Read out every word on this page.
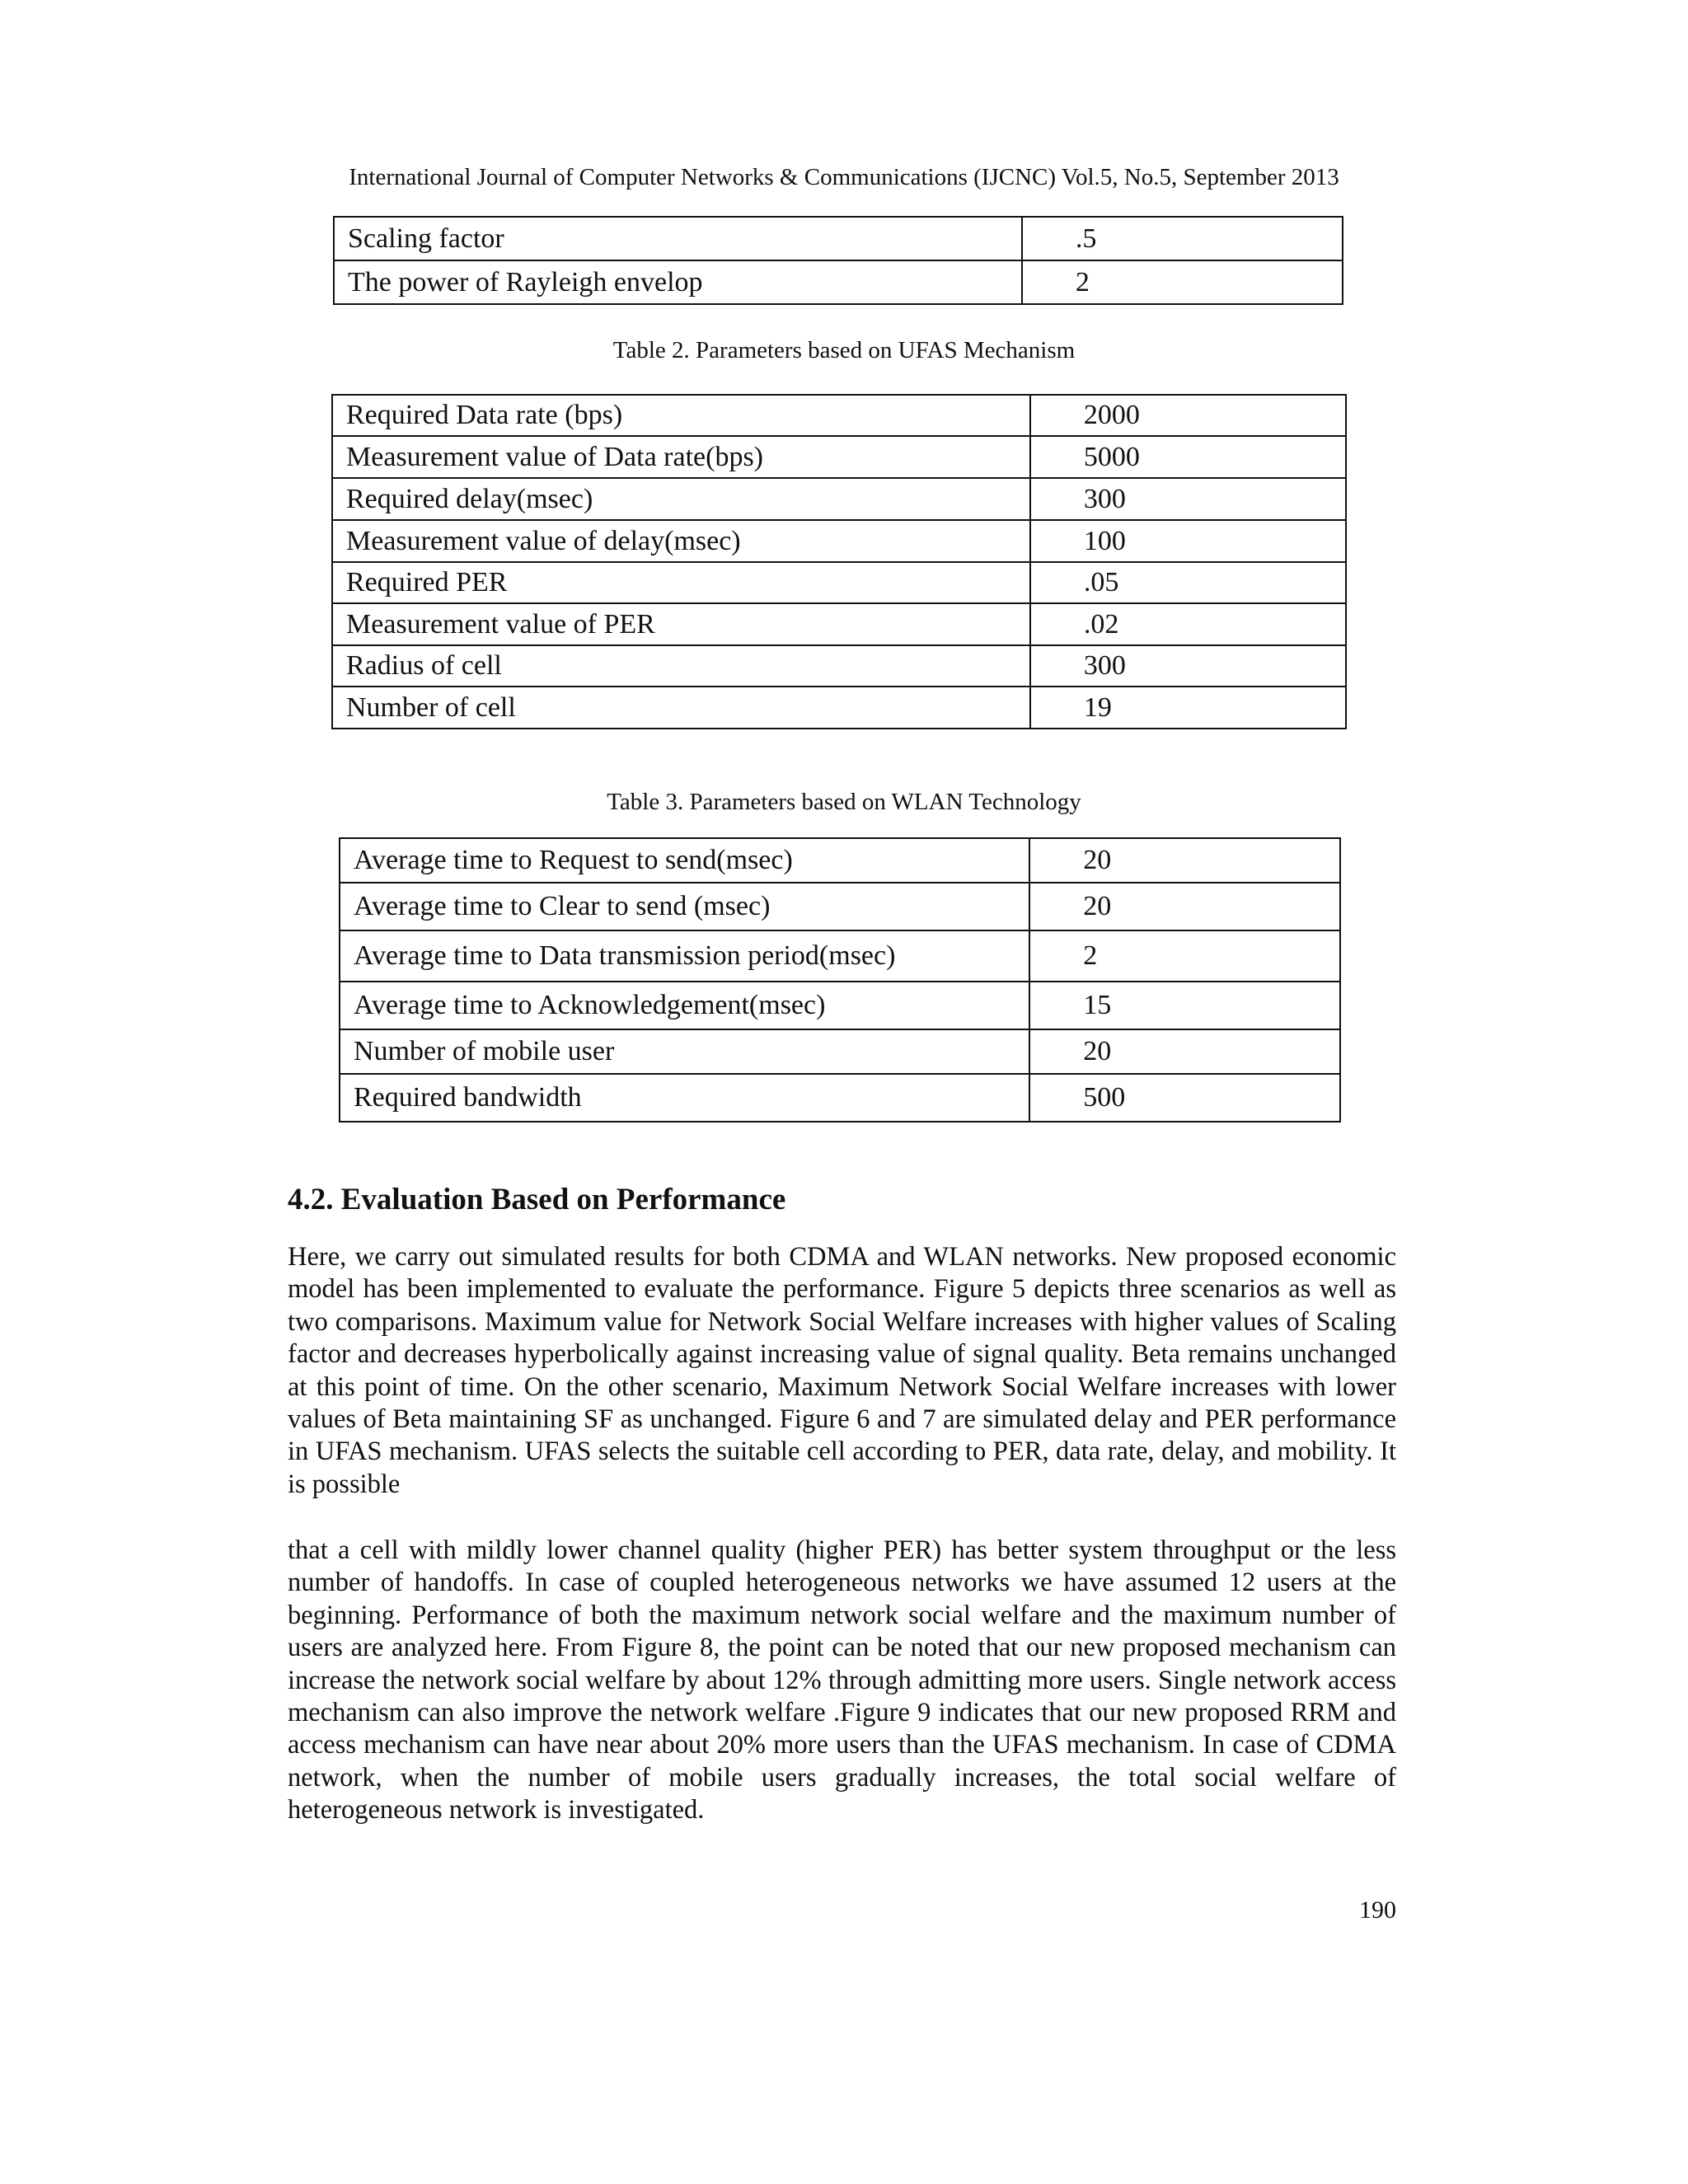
International Journal of Computer Networks & Communications (IJCNC) Vol.5, No.5, September 2013
Scaling factor	.5
The power of Rayleigh envelop	2
Table 2. Parameters based on UFAS Mechanism
Required Data rate (bps)	2000
Measurement value of Data rate(bps)	5000
Required delay(msec)	300
Measurement value of delay(msec)	100
Required PER	.05
Measurement value of PER	.02
Radius of cell	300
Number of cell	19
Table 3. Parameters based on WLAN Technology
Average time to Request to send(msec)	20
Average time to Clear to send (msec)	20
Average time to Data transmission period(msec)	2
Average time to Acknowledgement(msec)	15
Number of mobile user	20
Required bandwidth	500
4.2. Evaluation Based on Performance
Here, we carry out simulated results for both CDMA and WLAN networks. New proposed economic model has been implemented to evaluate the performance. Figure 5 depicts three scenarios as well as two comparisons. Maximum value for Network Social Welfare increases with higher values of Scaling factor and decreases hyperbolically against increasing value of signal quality. Beta remains unchanged at this point of time. On the other scenario, Maximum Network Social Welfare increases with lower values of Beta maintaining SF as unchanged. Figure 6 and 7 are simulated delay and PER performance in UFAS mechanism. UFAS selects the suitable cell according to PER, data rate, delay, and mobility. It is possible
that a cell with mildly lower channel quality (higher PER) has better system throughput or the less number of handoffs. In case of coupled heterogeneous networks we have assumed 12 users at the beginning. Performance of both the maximum network social welfare and the maximum number of users are analyzed here. From Figure 8, the point can be noted that our new proposed mechanism can increase the network social welfare by about 12% through admitting more users. Single network access mechanism can also improve the network welfare .Figure 9 indicates that our new proposed RRM and access mechanism can have near about 20% more users than the UFAS mechanism. In case of CDMA network, when the number of mobile users gradually increases, the total social welfare of heterogeneous network is investigated.
190
